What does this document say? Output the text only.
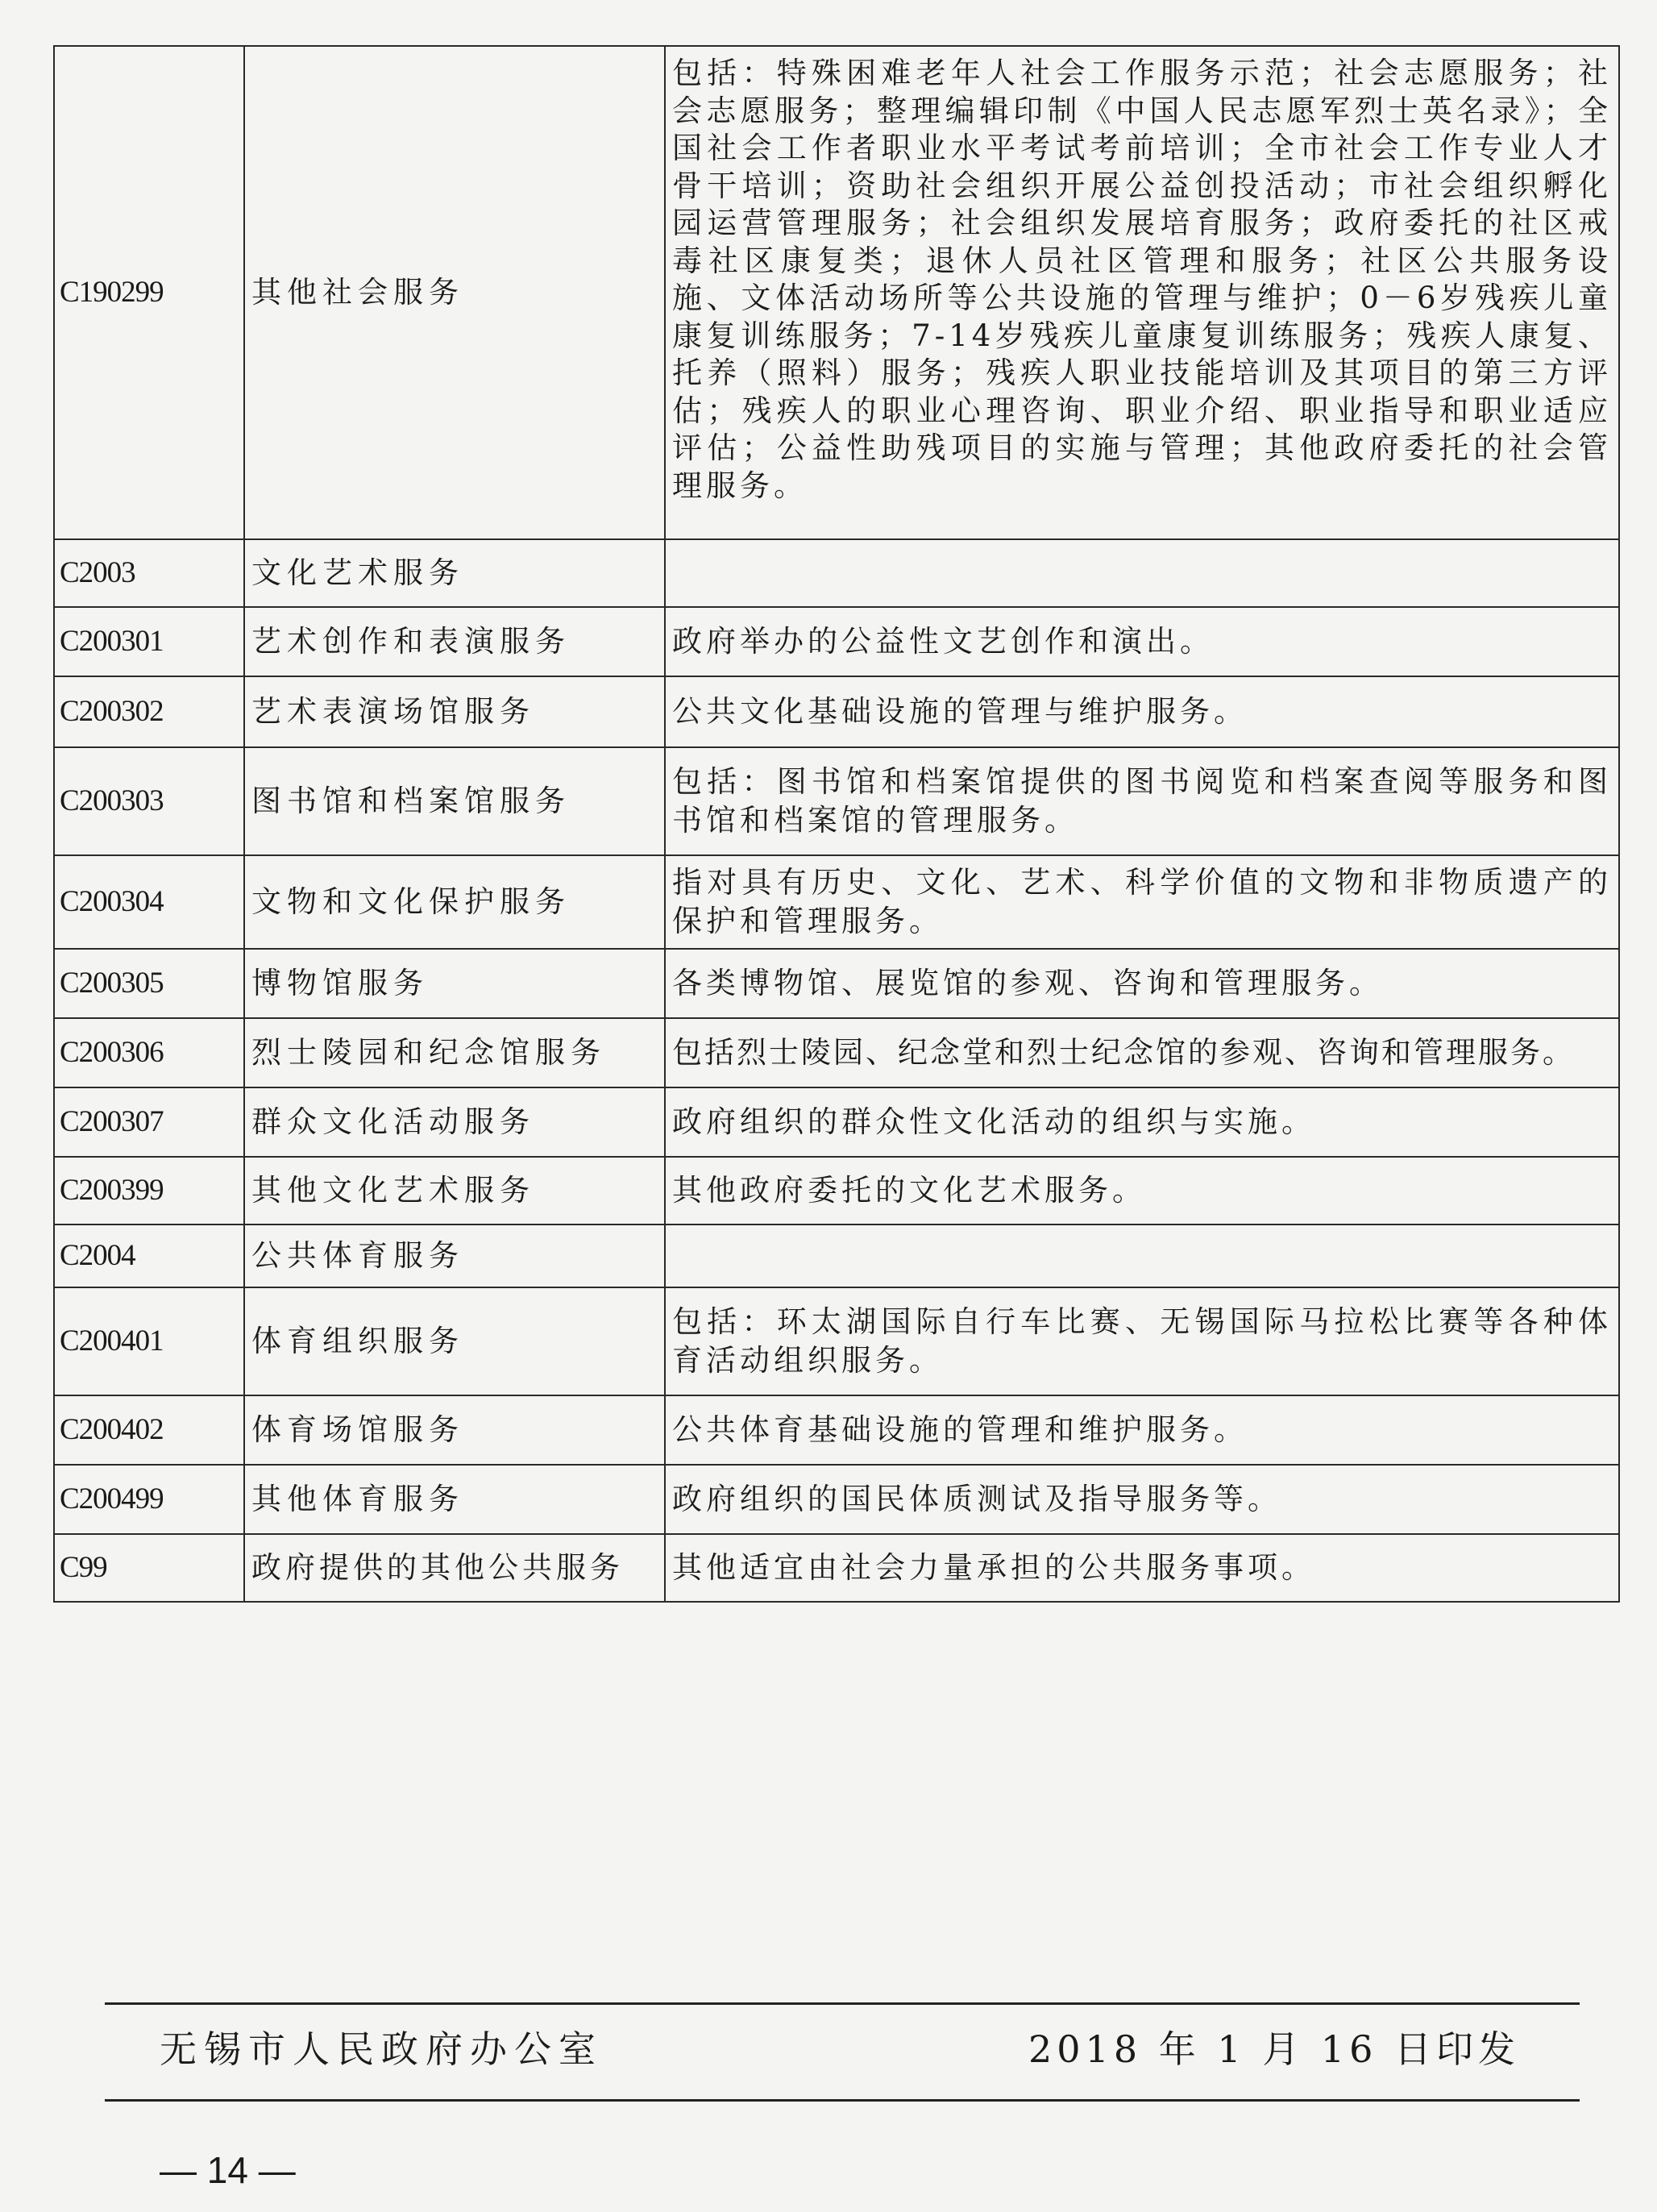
C190299	其他社会服务	包括：特殊困难老年人社会工作服务示范；社会志愿服务；社会志愿服务；整理编辑印制《中国人民志愿军烈士英名录》；全国社会工作者职业水平考试考前培训；全市社会工作专业人才骨干培训；资助社会组织开展公益创投活动；市社会组织孵化园运营管理服务；社会组织发展培育服务；政府委托的社区戒毒社区康复类；退休人员社区管理和服务；社区公共服务设施、文体活动场所等公共设施的管理与维护；0－6岁残疾儿童康复训练服务；7-14岁残疾儿童康复训练服务；残疾人康复、托养（照料）服务；残疾人职业技能培训及其项目的第三方评估；残疾人的职业心理咨询、职业介绍、职业指导和职业适应评估；公益性助残项目的实施与管理；其他政府委托的社会管理服务。
C2003	文化艺术服务	
C200301	艺术创作和表演服务	政府举办的公益性文艺创作和演出。
C200302	艺术表演场馆服务	公共文化基础设施的管理与维护服务。
C200303	图书馆和档案馆服务	包括：图书馆和档案馆提供的图书阅览和档案查阅等服务和图书馆和档案馆的管理服务。
C200304	文物和文化保护服务	指对具有历史、文化、艺术、科学价值的文物和非物质遗产的保护和管理服务。
C200305	博物馆服务	各类博物馆、展览馆的参观、咨询和管理服务。
C200306	烈士陵园和纪念馆服务	包括烈士陵园、纪念堂和烈士纪念馆的参观、咨询和管理服务。
C200307	群众文化活动服务	政府组织的群众性文化活动的组织与实施。
C200399	其他文化艺术服务	其他政府委托的文化艺术服务。
C2004	公共体育服务	
C200401	体育组织服务	包括：环太湖国际自行车比赛、无锡国际马拉松比赛等各种体育活动组织服务。
C200402	体育场馆服务	公共体育基础设施的管理和维护服务。
C200499	其他体育服务	政府组织的国民体质测试及指导服务等。
C99	政府提供的其他公共服务	其他适宜由社会力量承担的公共服务事项。
无锡市人民政府办公室	2018 年 1 月 16 日印发
— 14 —
